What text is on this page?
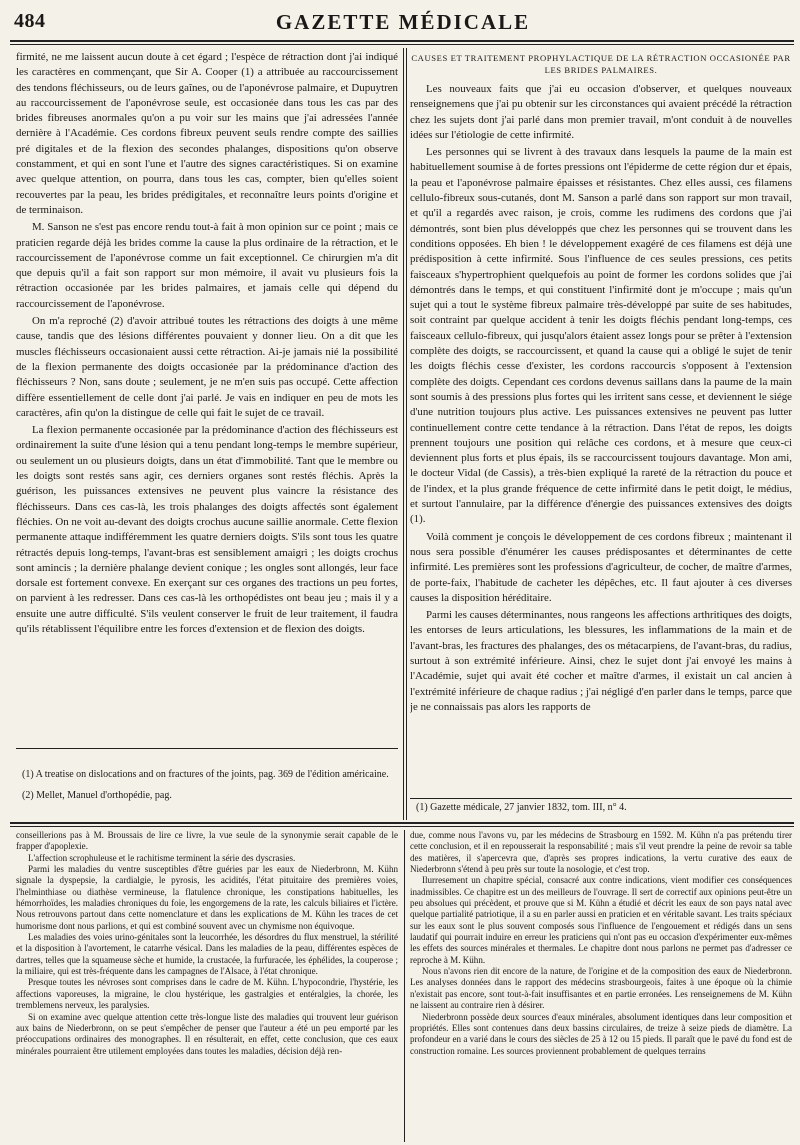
484	GAZETTE MÉDICALE

firmité, ne me laissent aucun doute à cet égard ; l'espèce de rétraction dont j'ai indiqué les caractères en commençant, que Sir A. Cooper (1) a attribuée au raccourcissement des tendons fléchisseurs, ou de leurs gaînes, ou de l'aponévrose palmaire, et Dupuytren au raccourcissement de l'aponévrose seule, est occasionée dans tous les cas par des brides fibreuses anormales qu'on a pu voir sur les mains que j'ai adressées l'année dernière à l'Académie. Ces cordons fibreux peuvent seuls rendre compte des saillies pré digitales et de la flexion des secondes phalanges, dispositions qu'on observe constamment, et qui en sont l'une et l'autre des signes caractéristiques. Si on examine avec quelque attention, on pourra, dans tous les cas, compter, bien qu'elles soient recouvertes par la peau, les brides prédigitales, et reconnaître leurs points d'origine et de terminaison.

M. Sanson ne s'est pas encore rendu tout-à fait à mon opinion sur ce point ; mais ce praticien regarde déjà les brides comme la cause la plus ordinaire de la rétraction, et le raccourcissement de l'aponévrose comme un fait exceptionnel. Ce chirurgien m'a dit que depuis qu'il a fait son rapport sur mon mémoire, il avait vu plusieurs fois la rétraction occasionée par les brides palmaires, et jamais celle qui dépend du raccourcissement de l'aponévrose.

On m'a reproché (2) d'avoir attribué toutes les rétractions des doigts à une même cause, tandis que des lésions différentes pouvaient y donner lieu. On a dit que les muscles fléchisseurs occasionaient aussi cette rétraction. Ai-je jamais nié la possibilité de la flexion permanente des doigts occasionée par la prédominance d'action des fléchisseurs ? Non, sans doute ; seulement, je ne m'en suis pas occupé. Cette affection diffère essentiellement de celle dont j'ai parlé. Je vais en indiquer en peu de mots les caractères, afin qu'on la distingue de celle qui fait le sujet de ce travail.

La flexion permanente occasionée par la prédominance d'action des fléchisseurs est ordinairement la suite d'une lésion qui a tenu pendant long-temps le membre supérieur, ou seulement un ou plusieurs doigts, dans un état d'immobilité. Tant que le membre ou les doigts sont restés sans agir, ces derniers organes sont restés fléchis. Après la guérison, les puissances extensives ne peuvent plus vaincre la résistance des fléchisseurs. Dans ces cas-là, les trois phalanges des doigts affectés sont également fléchies. On ne voit au-devant des doigts crochus aucune saillie anormale. Cette flexion permanente attaque indifféremment les quatre derniers doigts. S'ils sont tous les quatre rétractés depuis long-temps, l'avant-bras est sensiblement amaigri ; les doigts crochus sont amincis ; la dernière phalange devient conique ; les ongles sont allongés, leur face dorsale est fortement convexe. En exerçant sur ces organes des tractions un peu fortes, on parvient à les redresser. Dans ces cas-là les orthopédistes ont beau jeu ; mais il y a ensuite une autre difficulté. S'ils veulent conserver le fruit de leur traitement, il faudra qu'ils rétablissent l'équilibre entre les forces d'extension et de flexion des doigts.

CAUSES ET TRAITEMENT PROPHYLACTIQUE DE LA RÉTRACTION OCCASIONÉE PAR LES BRIDES PALMAIRES.

Les nouveaux faits que j'ai eu occasion d'observer, et quelques nouveaux renseignemens que j'ai pu obtenir sur les circonstances qui avaient précédé la rétraction chez les sujets dont j'ai parlé dans mon premier travail, m'ont conduit à de nouvelles idées sur l'étiologie de cette infirmité.

Les personnes qui se livrent à des travaux dans lesquels la paume de la main est habituellement soumise à de fortes pressions ont l'épiderme de cette région dur et épais, la peau et l'aponévrose palmaire épaisses et résistantes. Chez elles aussi, ces filamens cellulo-fibreux sous-cutanés, dont M. Sanson a parlé dans son rapport sur mon travail, et qu'il a regardés avec raison, je crois, comme les rudimens des cordons que j'ai démontrés, sont bien plus développés que chez les personnes qui se trouvent dans les conditions opposées. Eh bien ! le développement exagéré de ces filamens est déjà une prédisposition à cette infirmité. Sous l'influence de ces seules pressions, ces petits faisceaux s'hypertrophient quelquefois au point de former les cordons solides que j'ai démontrés dans le temps, et qui constituent l'infirmité dont je m'occupe ; mais qu'un sujet qui a tout le système fibreux palmaire très-développé par suite de ses habitudes, soit contraint par quelque accident à tenir les doigts fléchis pendant long-temps, ces faisceaux cellulo-fibreux, qui jusqu'alors étaient assez longs pour se prêter à l'extension complète des doigts, se raccourcissent, et quand la cause qui a obligé le sujet de tenir les doigts fléchis cesse d'exister, les cordons raccourcis s'opposent à l'extension complète des doigts. Cependant ces cordons devenus saillans dans la paume de la main sont soumis à des pressions plus fortes qui les irritent sans cesse, et deviennent le siége d'une nutrition toujours plus active. Les puissances extensives ne peuvent pas lutter continuellement contre cette tendance à la rétraction. Dans l'état de repos, les doigts prennent toujours une position qui relâche ces cordons, et à mesure que ceux-ci deviennent plus forts et plus épais, ils se raccourcissent toujours davantage. Mon ami, le docteur Vidal (de Cassis), a très-bien expliqué la rareté de la rétraction du pouce et de l'index, et la plus grande fréquence de cette infirmité dans le petit doigt, le médius, et surtout l'annulaire, par la différence d'énergie des puissances extensives des doigts (1).

Voilà comment je conçois le développement de ces cordons fibreux ; maintenant il nous sera possible d'énumérer les causes prédisposantes et déterminantes de cette infirmité. Les premières sont les professions d'agriculteur, de cocher, de maître d'armes, de porte-faix, l'habitude de cacheter les dépêches, etc. Il faut ajouter à ces diverses causes la disposition héréditaire.

Parmi les causes déterminantes, nous rangeons les affections arthritiques des doigts, les entorses de leurs articulations, les blessures, les inflammations de la main et de l'avant-bras, les fractures des phalanges, des os métacarpiens, de l'avant-bras, du radius, surtout à son extrémité inférieure. Ainsi, chez le sujet dont j'ai envoyé les mains à l'Académie, sujet qui avait été cocher et maître d'armes, il existait un cal ancien à l'extrémité inférieure de chaque radius ; j'ai négligé d'en parler dans le temps, parce que je ne connaissais pas alors les rapports de

(1) A treatise on dislocations and on fractures of the joints, pag. 369 de l'édition américaine.
(2) Mellet, Manuel d'orthopédie, pag.
(1) Gazette médicale, 27 janvier 1832, tom. III, n° 4.

conseillerions pas à M. Broussais de lire ce livre, la vue seule de la synonymie serait capable de le frapper d'apoplexie.

L'affection scrophuleuse et le rachitisme terminent la série des dyscrasies.

Parmi les maladies du ventre susceptibles d'être guéries par les eaux de Niederbronn, M. Kühn signale la dyspepsie, la cardialgie, le pyrosis, les acidités, l'état pituitaire des premières voies, l'helminthiase ou diathèse vermineuse, la flatulence chronique, les constipations habituelles, les hémorrhoïdes, les maladies chroniques du foie, les engorgemens de la rate, les calculs biliaires et l'ictère. Nous retrouvons partout dans cette nomenclature et dans les explications de M. Kühn les traces de cet humorisme dont nous parlions, et qui est combiné souvent avec un chymisme non équivoque.

Les maladies des voies urino-génitales sont la leucorrhée, les désordres du flux menstruel, la stérilité et la disposition à l'avortement, le catarrhe vésical. Dans les maladies de la peau, différentes espèces de dartres, telles que la squameuse sèche et humide, la crustacée, la furfuracée, les éphélides, la couperose ; la miliaire, qui est très-fréquente dans les campagnes de l'Alsace, à l'état chronique.

Presque toutes les névroses sont comprises dans le cadre de M. Kühn. L'hypocondrie, l'hystérie, les affections vaporeuses, la migraine, le clou hystérique, les gastralgies et entéralgies, la chorée, les tremblemens nerveux, les paralysies.

Si on examine avec quelque attention cette très-longue liste des maladies qui trouvent leur guérison aux bains de Niederbronn, on se peut s'empêcher de penser que l'auteur a été un peu emporté par les préoccupations ordinaires des monographes. Il en résulterait, en effet, cette conclusion, que ces eaux minérales pourraient être utilement employées dans toutes les maladies, décision déjà ren-

due, comme nous l'avons vu, par les médecins de Strasbourg en 1592. M. Kühn n'a pas prétendu tirer cette conclusion, et il en repousserait la responsabilité ; mais s'il veut prendre la peine de revoir sa table des matières, il s'apercevra que, d'après ses propres indications, la vertu curative des eaux de Niederbronn s'étend à peu près sur toute la nosologie, et c'est trop.

Ilurresement un chapitre spécial, consacré aux contre indications, vient modifier ces conséquences inadmissibles. Ce chapitre est un des meilleurs de l'ouvrage. Il sert de correctif aux opinions peut-être un peu absolues qui précèdent, et prouve que si M. Kühn a étudié et décrit les eaux de son pays natal avec quelque partialité patriotique, il a su en parler aussi en praticien et en véritable savant. Les traits spéciaux sur les eaux sont le plus souvent composés sous l'influence de l'engouement et rédigés dans un sens laudatif qui pourrait induire en erreur les praticiens qui n'ont pas eu occasion d'expérimenter eux-mêmes les effets des sources minérales et thermales. Le chapitre dont nous parlons ne permet pas d'adresser ce reproche à M. Kühn.

Nous n'avons rien dit encore de la nature, de l'origine et de la composition des eaux de Niederbronn. Les analyses données dans le rapport des médecins strasbourgeois, faites à une époque où la chimie n'existait pas encore, sont tout-à-fait insuffisantes et en partie erronées. Les renseignemens de M. Kühn ne laissent au contraire rien à désirer.

Niederbronn possède deux sources d'eaux minérales, absolument identiques dans leur composition et propriétés. Elles sont contenues dans deux bassins circulaires, de treize à seize pieds de diamètre. La profondeur en a varié dans le cours des siècles de 25 à 12 ou 15 pieds. Il paraît que le pavé du fond est de construction romaine. Les sources proviennent probablement de quelques terrains
